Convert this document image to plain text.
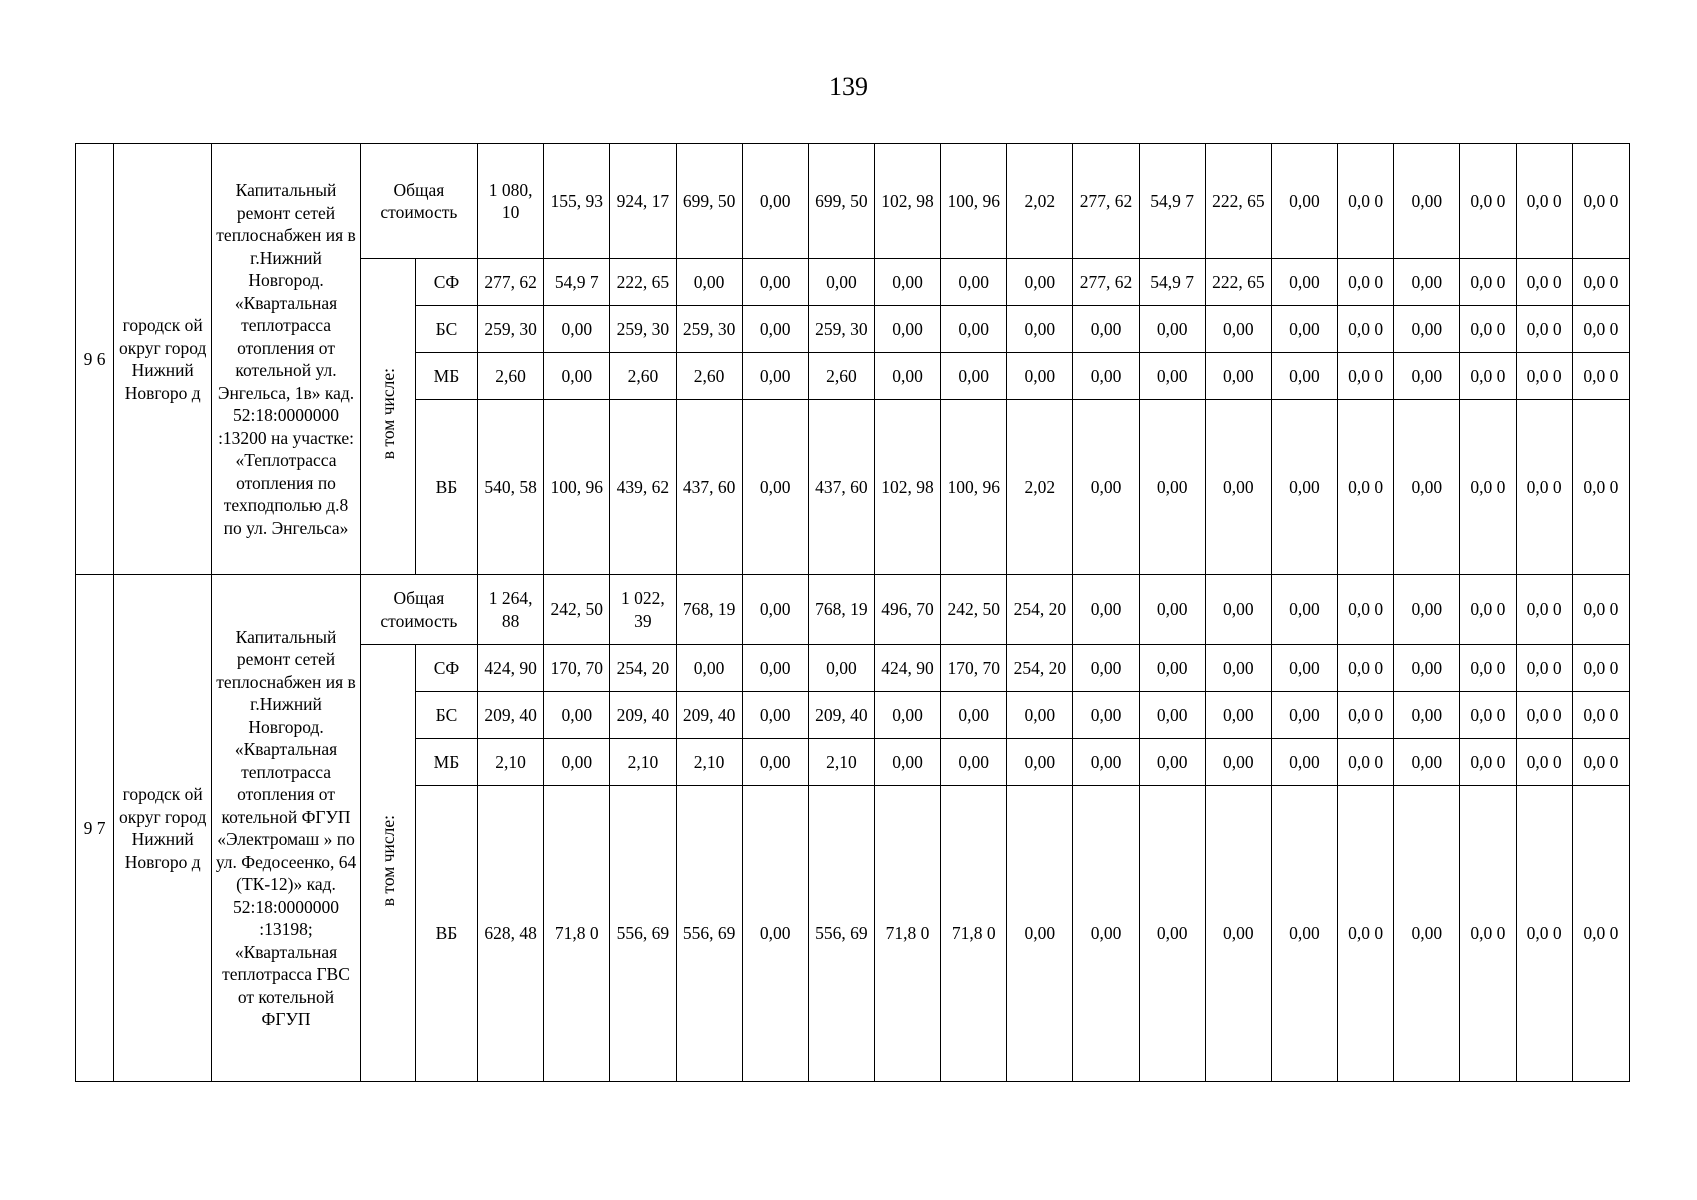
139
9 6	городск ой округ город Нижний Новгоро д	Капитальный ремонт сетей теплоснабжен ия в г.Нижний Новгород. «Квартальная теплотрасса отопления от котельной ул. Энгельса, 1в» кад. 52:18:0000000 :13200 на участке: «Теплотрасса отопления по техподполью д.8 по ул. Энгельса»	Общая стоимость		1 080, 10	155, 93	924, 17	699, 50	0,00	699, 50	102, 98	100, 96	2,02	277, 62	54,9 7	222, 65	0,00	0,0 0	0,00	0,0 0	0,0 0	0,0 0
			в том числе:	СФ	277, 62	54,9 7	222, 65	0,00	0,00	0,00	0,00	0,00	0,00	277, 62	54,9 7	222, 65	0,00	0,0 0	0,00	0,0 0	0,0 0	0,0 0
				БС	259, 30	0,00	259, 30	259, 30	0,00	259, 30	0,00	0,00	0,00	0,00	0,00	0,00	0,00	0,0 0	0,00	0,0 0	0,0 0	0,0 0
				МБ	2,60	0,00	2,60	2,60	0,00	2,60	0,00	0,00	0,00	0,00	0,00	0,00	0,00	0,0 0	0,00	0,0 0	0,0 0	0,0 0
				ВБ	540, 58	100, 96	439, 62	437, 60	0,00	437, 60	102, 98	100, 96	2,02	0,00	0,00	0,00	0,00	0,0 0	0,00	0,0 0	0,0 0	0,0 0
9 7	городск ой округ город Нижний Новгоро д	Капитальный ремонт сетей теплоснабжен ия в г.Нижний Новгород. «Квартальная теплотрасса отопления от котельной ФГУП «Электромаш » по ул. Федосеенко, 64 (ТК-12)» кад. 52:18:0000000 :13198; «Квартальная теплотрасса ГВС от котельной ФГУП	Общая стоимость		1 264, 88	242, 50	1 022, 39	768, 19	0,00	768, 19	496, 70	242, 50	254, 20	0,00	0,00	0,00	0,00	0,0 0	0,00	0,0 0	0,0 0	0,0 0
			в том числе:	СФ	424, 90	170, 70	254, 20	0,00	0,00	0,00	424, 90	170, 70	254, 20	0,00	0,00	0,00	0,00	0,0 0	0,00	0,0 0	0,0 0	0,0 0
				БС	209, 40	0,00	209, 40	209, 40	0,00	209, 40	0,00	0,00	0,00	0,00	0,00	0,00	0,00	0,0 0	0,00	0,0 0	0,0 0	0,0 0
				МБ	2,10	0,00	2,10	2,10	0,00	2,10	0,00	0,00	0,00	0,00	0,00	0,00	0,00	0,0 0	0,00	0,0 0	0,0 0	0,0 0
				ВБ	628, 48	71,8 0	556, 69	556, 69	0,00	556, 69	71,8 0	71,8 0	0,00	0,00	0,00	0,00	0,00	0,0 0	0,00	0,0 0	0,0 0	0,0 0
